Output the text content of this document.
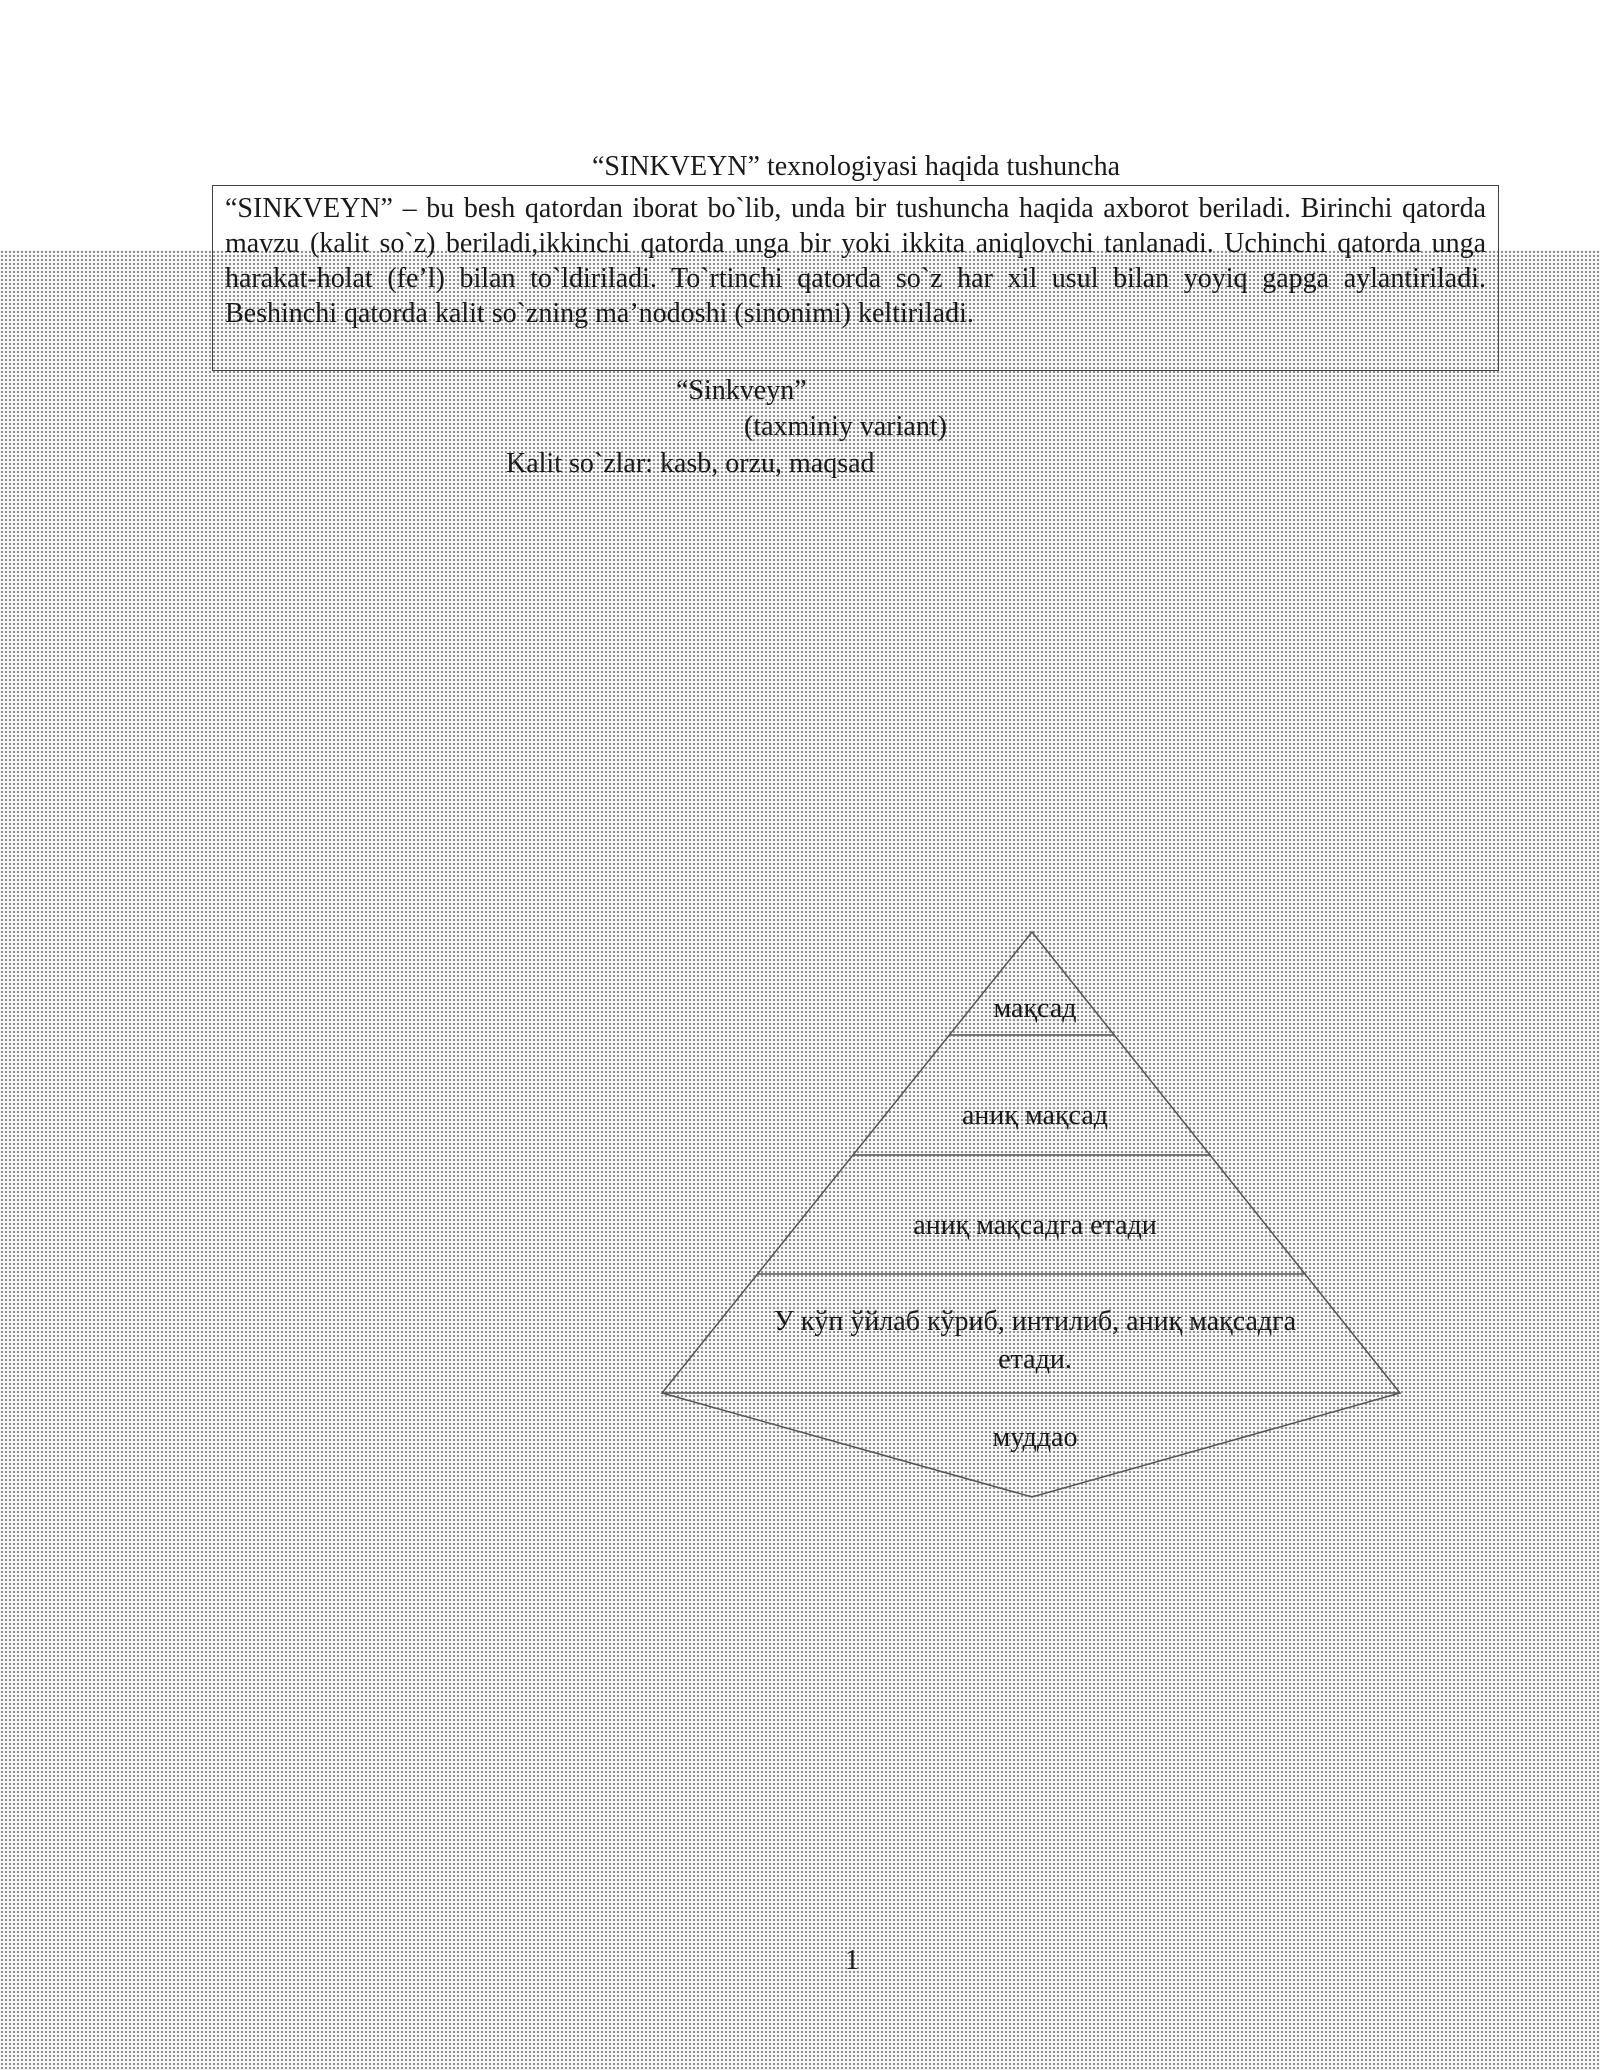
“SINKVEYN” texnologiyasi haqida tushuncha
“SINKVEYN” – bu besh qatordan iborat bo`lib, unda bir tushuncha haqida axborot beriladi. Birinchi qatorda mavzu (kalit so`z) beriladi,ikkinchi qatorda unga bir yoki ikkita aniqlovchi tanlanadi. Uchinchi qatorda unga harakat-holat (fe’l) bilan to`ldiriladi. To`rtinchi qatorda so`z har xil usul bilan yoyiq gapga aylantiriladi. Beshinchi qatorda kalit so`zning ma’nodoshi (sinonimi) keltiriladi.
“Sinkveyn”
(taxminiy variant)
Kalit so`zlar: kasb, orzu, maqsad
мақсад
аниқ мақсад
аниқ мақсадга етади
У кўп ўйлаб кўриб, интилиб, аниқ мақсадга етади.
муддао
1
